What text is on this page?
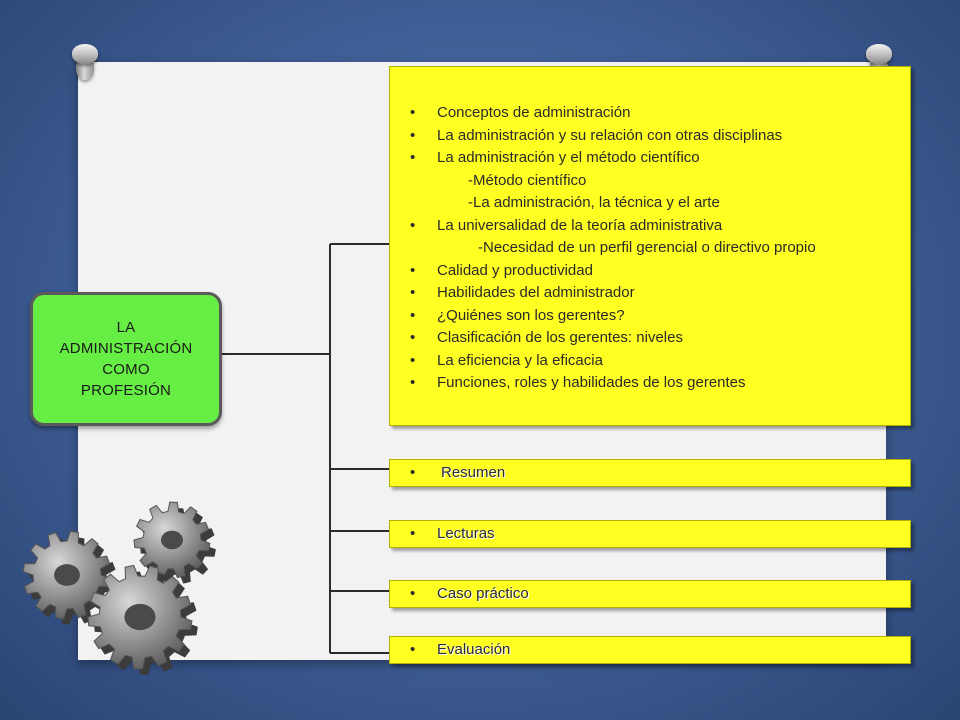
LA
ADMINISTRACIÓN
COMO
PROFESIÓN
• Conceptos de administración
• La administración y su relación con otras disciplinas
• La administración y el método científico
-Método científico
-La administración, la técnica y el arte
• La universalidad de la teoría administrativa
-Necesidad de un perfil gerencial o directivo propio
• Calidad y productividad
• Habilidades del administrador
• ¿Quiénes son los gerentes?
• Clasificación de los gerentes: niveles
• La eficiencia y la eficacia
• Funciones, roles y habilidades de los gerentes
• Resumen
• Lecturas
• Caso práctico
• Evaluación
